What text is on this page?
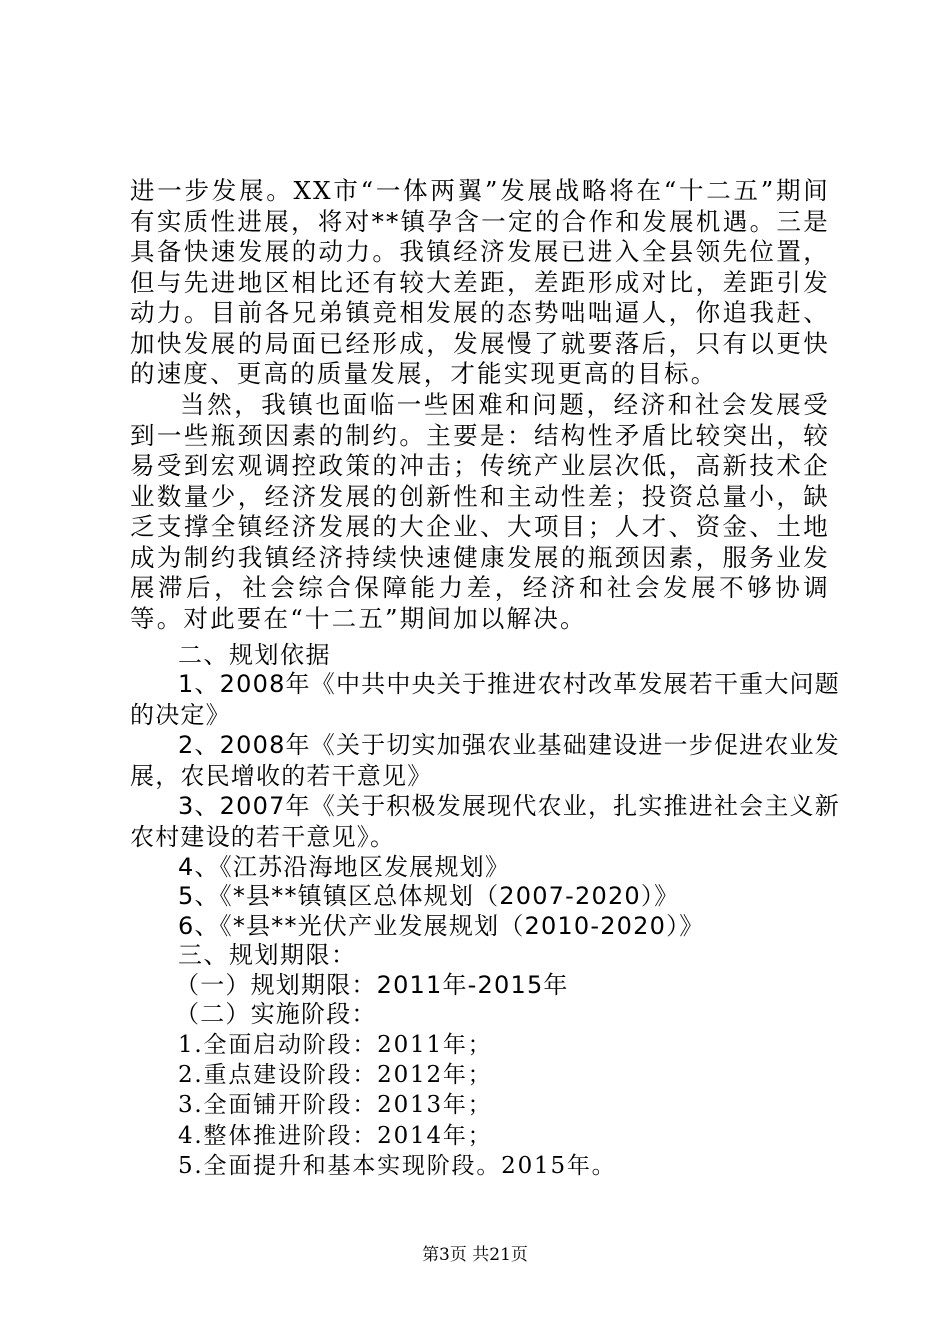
进一步发展。XX市“一体两翼”发展战略将在“十二五”期间有实质性进展，将对**镇孕含一定的合作和发展机遇。三是具备快速发展的动力。我镇经济发展已进入全县领先位置，但与先进地区相比还有较大差距，差距形成对比，差距引发动力。目前各兄弟镇竞相发展的态势咄咄逼人，你追我赶、加快发展的局面已经形成，发展慢了就要落后，只有以更快的速度、更高的质量发展，才能实现更高的目标。

当然，我镇也面临一些困难和问题，经济和社会发展受到一些瓶颈因素的制约。主要是：结构性矛盾比较突出，较易受到宏观调控政策的冲击；传统产业层次低，高新技术企业数量少，经济发展的创新性和主动性差；投资总量小，缺乏支撑全镇经济发展的大企业、大项目；人才、资金、土地成为制约我镇经济持续快速健康发展的瓶颈因素，服务业发展滞后，社会综合保障能力差，经济和社会发展不够协调等。对此要在“十二五”期间加以解决。

二、规划依据

1、2008年《中共中央关于推进农村改革发展若干重大问题的决定》

2、2008年《关于切实加强农业基础建设进一步促进农业发展，农民增收的若干意见》

3、2007年《关于积极发展现代农业，扎实推进社会主义新农村建设的若干意见》。

4、《江苏沿海地区发展规划》

5、《*县**镇镇区总体规划（2007-2020）》

6、《*县**光伏产业发展规划（2010-2020）》

三、规划期限：

（一）规划期限：2011年-2015年

（二）实施阶段：

1.全面启动阶段：2011年；

2.重点建设阶段：2012年；

3.全面铺开阶段：2013年；

4.整体推进阶段：2014年；

5.全面提升和基本实现阶段。2015年。

第3页 共21页
